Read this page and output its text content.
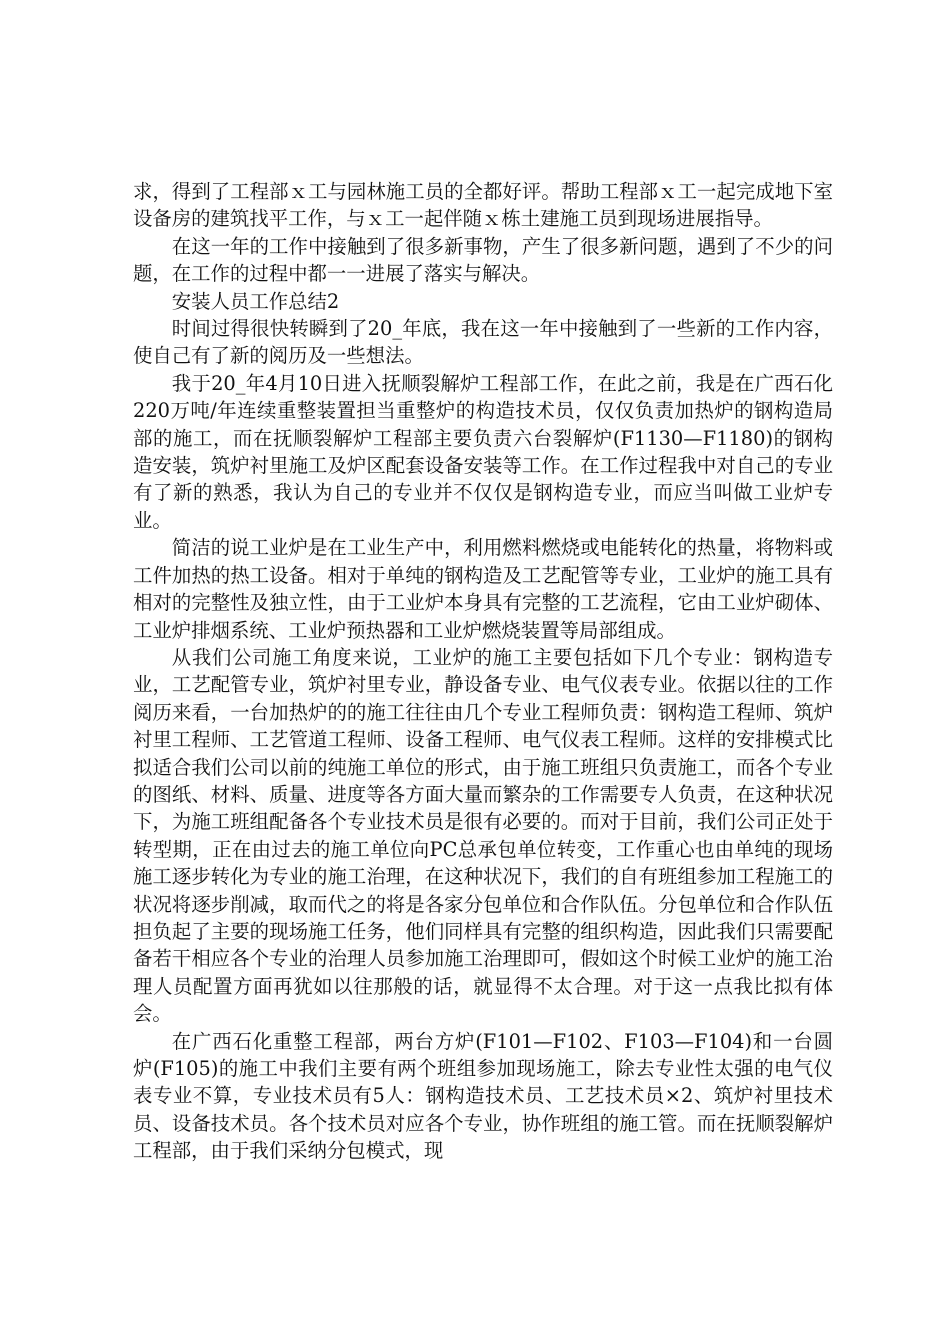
求，得到了工程部ｘ工与园林施工员的全都好评。帮助工程部ｘ工一起完成地下室设备房的建筑找平工作，与ｘ工一起伴随ｘ栋土建施工员到现场进展指导。

在这一年的工作中接触到了很多新事物，产生了很多新问题，遇到了不少的问题，在工作的过程中都一一进展了落实与解决。

安装人员工作总结2

时间过得很快转瞬到了20_年底，我在这一年中接触到了一些新的工作内容，使自己有了新的阅历及一些想法。

我于20_年4月10日进入抚顺裂解炉工程部工作，在此之前，我是在广西石化220万吨/年连续重整装置担当重整炉的构造技术员，仅仅负责加热炉的钢构造局部的施工，而在抚顺裂解炉工程部主要负责六台裂解炉(F1130—F1180)的钢构造安装，筑炉衬里施工及炉区配套设备安装等工作。在工作过程我中对自己的专业有了新的熟悉，我认为自己的专业并不仅仅是钢构造专业，而应当叫做工业炉专业。

简洁的说工业炉是在工业生产中，利用燃料燃烧或电能转化的热量，将物料或工件加热的热工设备。相对于单纯的钢构造及工艺配管等专业，工业炉的施工具有相对的完整性及独立性，由于工业炉本身具有完整的工艺流程，它由工业炉砌体、工业炉排烟系统、工业炉预热器和工业炉燃烧装置等局部组成。

从我们公司施工角度来说，工业炉的施工主要包括如下几个专业：钢构造专业，工艺配管专业，筑炉衬里专业，静设备专业、电气仪表专业。依据以往的工作阅历来看，一台加热炉的的施工往往由几个专业工程师负责：钢构造工程师、筑炉衬里工程师、工艺管道工程师、设备工程师、电气仪表工程师。这样的安排模式比拟适合我们公司以前的纯施工单位的形式，由于施工班组只负责施工，而各个专业的图纸、材料、质量、进度等各方面大量而繁杂的工作需要专人负责，在这种状况下，为施工班组配备各个专业技术员是很有必要的。而对于目前，我们公司正处于转型期，正在由过去的施工单位向PC总承包单位转变，工作重心也由单纯的现场施工逐步转化为专业的施工治理，在这种状况下，我们的自有班组参加工程施工的状况将逐步削减，取而代之的将是各家分包单位和合作队伍。分包单位和合作队伍担负起了主要的现场施工任务，他们同样具有完整的组织构造，因此我们只需要配备若干相应各个专业的治理人员参加施工治理即可，假如这个时候工业炉的施工治理人员配置方面再犹如以往那般的话，就显得不太合理。对于这一点我比拟有体会。

在广西石化重整工程部，两台方炉(F101—F102、F103—F104)和一台圆炉(F105)的施工中我们主要有两个班组参加现场施工，除去专业性太强的电气仪表专业不算，专业技术员有5人：钢构造技术员、工艺技术员×2、筑炉衬里技术员、设备技术员。各个技术员对应各个专业，协作班组的施工管。而在抚顺裂解炉工程部，由于我们采纳分包模式，现
